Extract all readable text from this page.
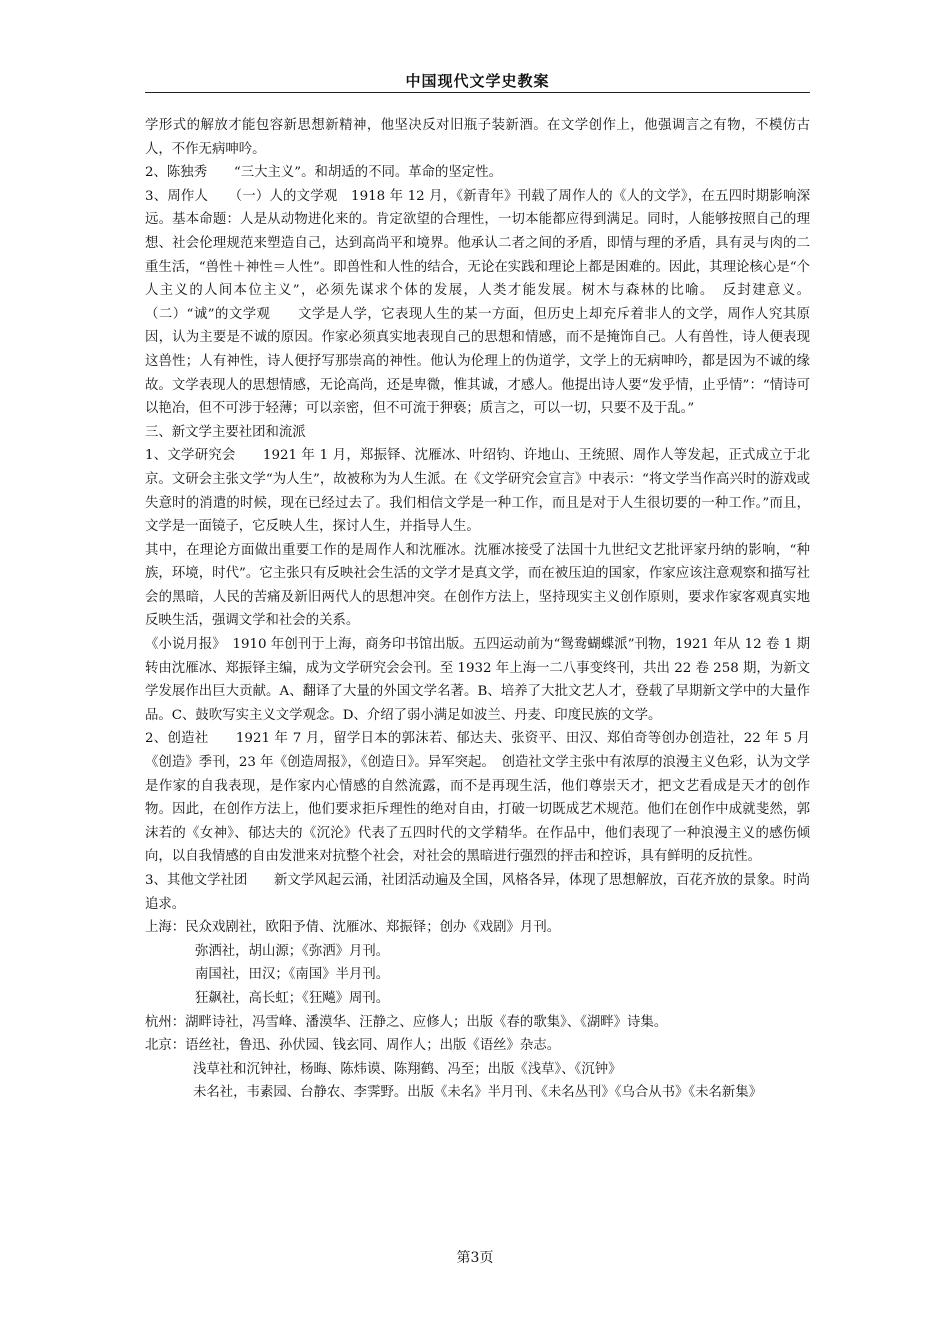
中国现代文学史教案

学形式的解放才能包容新思想新精神，他坚决反对旧瓶子装新酒。在文学创作上，他强调言之有物，不模仿古人，不作无病呻吟。

2、陈独秀　　“三大主义”。和胡适的不同。革命的坚定性。

3、周作人　　（一）人的文学观　1918 年 12 月，《新青年》刊载了周作人的《人的文学》，在五四时期影响深远。基本命题：人是从动物进化来的。肯定欲望的合理性，一切本能都应得到满足。同时，人能够按照自己的理想、社会伦理规范来塑造自己，达到高尚平和境界。他承认二者之间的矛盾，即情与理的矛盾，具有灵与肉的二重生活，“兽性＋神性＝人性”。即兽性和人性的结合，无论在实践和理论上都是困难的。因此，其理论核心是“个人主义的人间本位主义”，必须先谋求个体的发展，人类才能发展。树木与森林的比喻。　反封建意义。（二）“诚”的文学观　　文学是人学，它表现人生的某一方面，但历史上却充斥着非人的文学，周作人究其原因，认为主要是不诚的原因。作家必须真实地表现自己的思想和情感，而不是掩饰自己。人有兽性，诗人便表现这兽性；人有神性，诗人便抒写那崇高的神性。他认为伦理上的伪道学，文学上的无病呻吟，都是因为不诚的缘故。文学表现人的思想情感，无论高尚，还是卑微，惟其诚，才感人。他提出诗人要“发乎情，止乎情”：“情诗可以艳冶，但不可涉于轻薄；可以亲密，但不可流于狎亵；质言之，可以一切，只要不及于乱。”

三、新文学主要社团和流派

1、文学研究会　　1921 年 1 月，郑振铎、沈雁冰、叶绍钧、许地山、王统照、周作人等发起，正式成立于北京。文研会主张文学“为人生”，故被称为为人生派。在《文学研究会宣言》中表示：“将文学当作高兴时的游戏或失意时的消遣的时候，现在已经过去了。我们相信文学是一种工作，而且是对于人生很切要的一种工作。”而且，文学是一面镜子，它反映人生，探讨人生，并指导人生。

其中，在理论方面做出重要工作的是周作人和沈雁冰。沈雁冰接受了法国十九世纪文艺批评家丹纳的影响，“种族，环境，时代”。它主张只有反映社会生活的文学才是真文学，而在被压迫的国家，作家应该注意观察和描写社会的黑暗，人民的苦痛及新旧两代人的思想冲突。在创作方法上，坚持现实主义创作原则，要求作家客观真实地反映生活，强调文学和社会的关系。

《小说月报》　1910 年创刊于上海，商务印书馆出版。五四运动前为“鸳鸯蝴蝶派”刊物，1921 年从 12 卷 1 期转由沈雁冰、郑振铎主编，成为文学研究会会刊。至 1932 年上海一二八事变终刊，共出 22 卷 258 期，为新文学发展作出巨大贡献。A、翻译了大量的外国文学名著。B、培养了大批文艺人才，登载了早期新文学中的大量作品。C、鼓吹写实主义文学观念。D、介绍了弱小满足如波兰、丹麦、印度民族的文学。

2、创造社　　1921 年 7 月，留学日本的郭沫若、郁达夫、张资平、田汉、郑伯奇等创办创造社，22 年 5 月《创造》季刊，23 年《创造周报》，《创造日》。异军突起。　创造社文学主张中有浓厚的浪漫主义色彩，认为文学是作家的自我表现，是作家内心情感的自然流露，而不是再现生活，他们尊崇天才，把文艺看成是天才的创作物。因此，在创作方法上，他们要求拒斥理性的绝对自由，打破一切既成艺术规范。他们在创作中成就斐然，郭沫若的《女神》、郁达夫的《沉沦》代表了五四时代的文学精华。在作品中，他们表现了一种浪漫主义的感伤倾向，以自我情感的自由发泄来对抗整个社会，对社会的黑暗进行强烈的抨击和控诉，具有鲜明的反抗性。

3、其他文学社团　　新文学风起云涌，社团活动遍及全国，风格各异，体现了思想解放，百花齐放的景象。时尚追求。

上海：民众戏剧社，欧阳予倩、沈雁冰、郑振铎；创办《戏剧》月刊。

弥洒社，胡山源；《弥洒》月刊。

南国社，田汉；《南国》半月刊。

狂飙社，高长虹；《狂飚》周刊。

杭州：湖畔诗社，冯雪峰、潘漠华、汪静之、应修人；出版《春的歌集》、《湖畔》诗集。

北京：语丝社，鲁迅、孙伏园、钱玄同、周作人；出版《语丝》杂志。

浅草社和沉钟社，杨晦、陈炜谟、陈翔鹤、冯至；出版《浅草》、《沉钟》

未名社，韦素园、台静农、李霁野。出版《未名》半月刊、《未名丛刊》《乌合从书》《未名新集》

第3页
